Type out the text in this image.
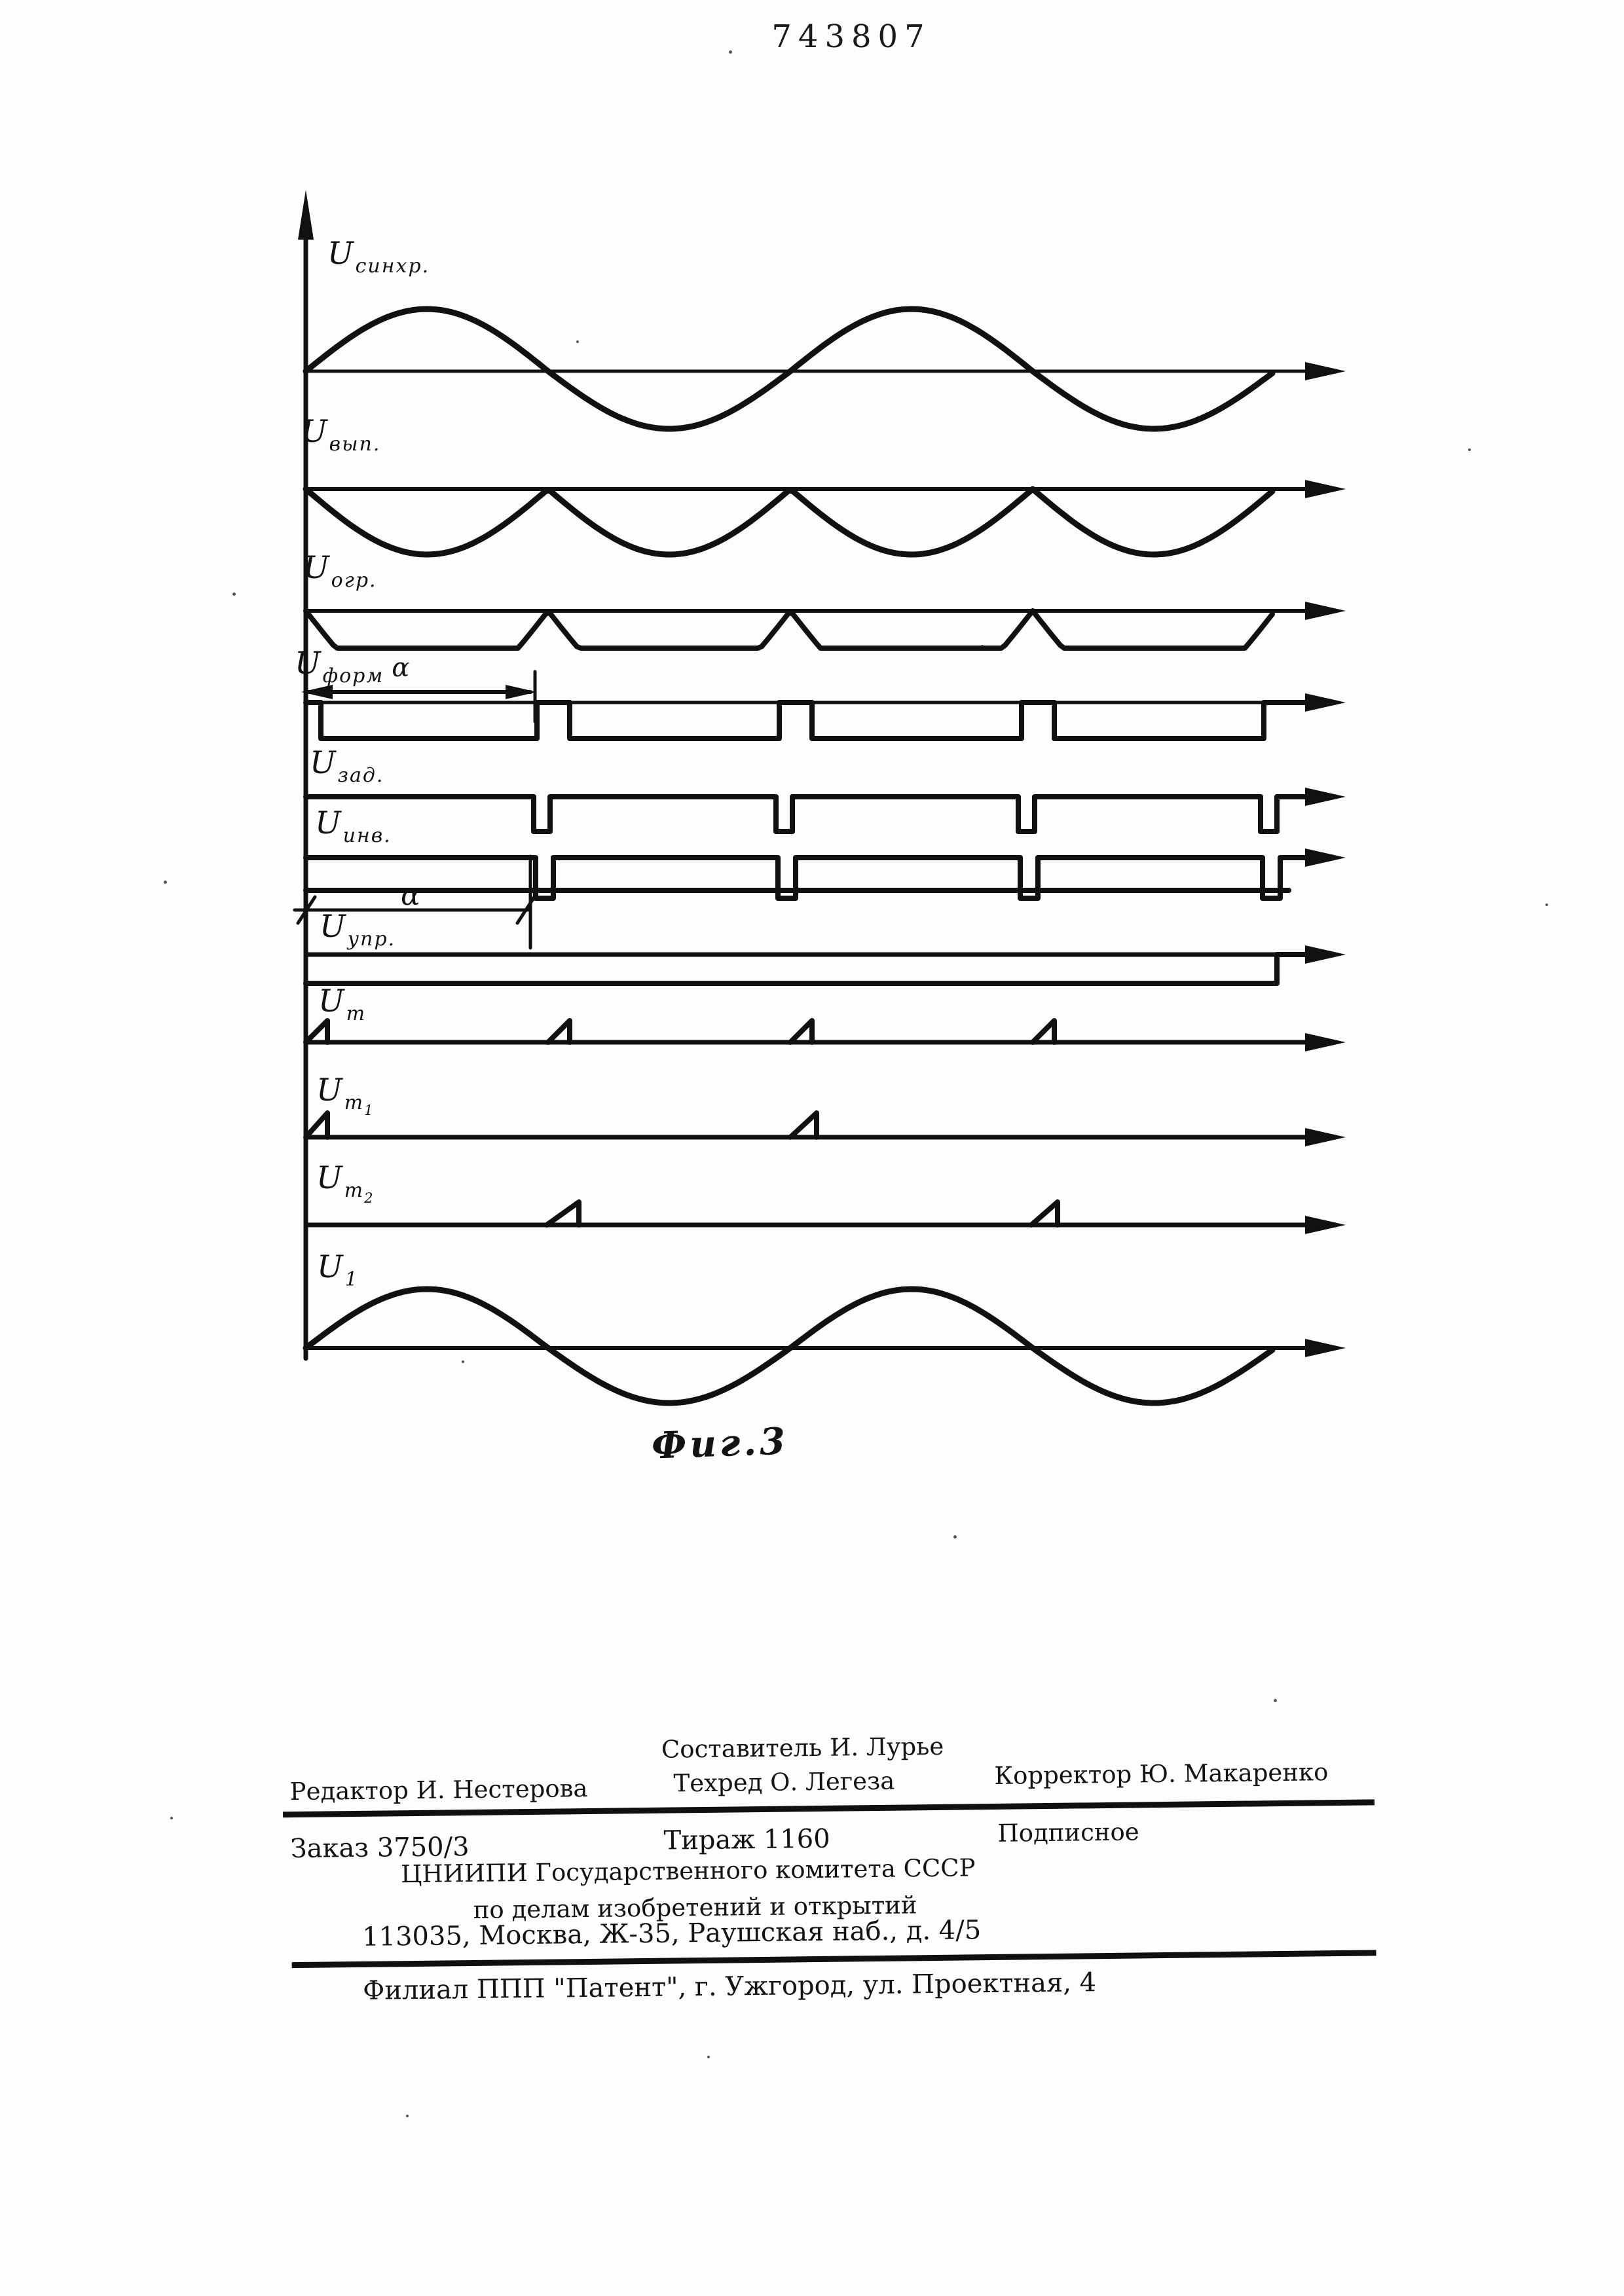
743807
Uсинхр.
Uвып.
Uогр.
Uформ α
Uзад.
Uинв.
Uупр.
Uт
Uт1
Uт2
U 1
α
Фиг.3
Составитель И. Лурье
Редактор И. Нестерова	Техред О. Легеза	Корректор Ю. Макаренко
Заказ 3750/3	Тираж 1160	Подписное
ЦНИИПИ Государственного комитета СССР
по делам изобретений и открытий
113035, Москва, Ж-35, Раушская наб., д. 4/5
Филиал ППП "Патент", г. Ужгород, ул. Проектная, 4
